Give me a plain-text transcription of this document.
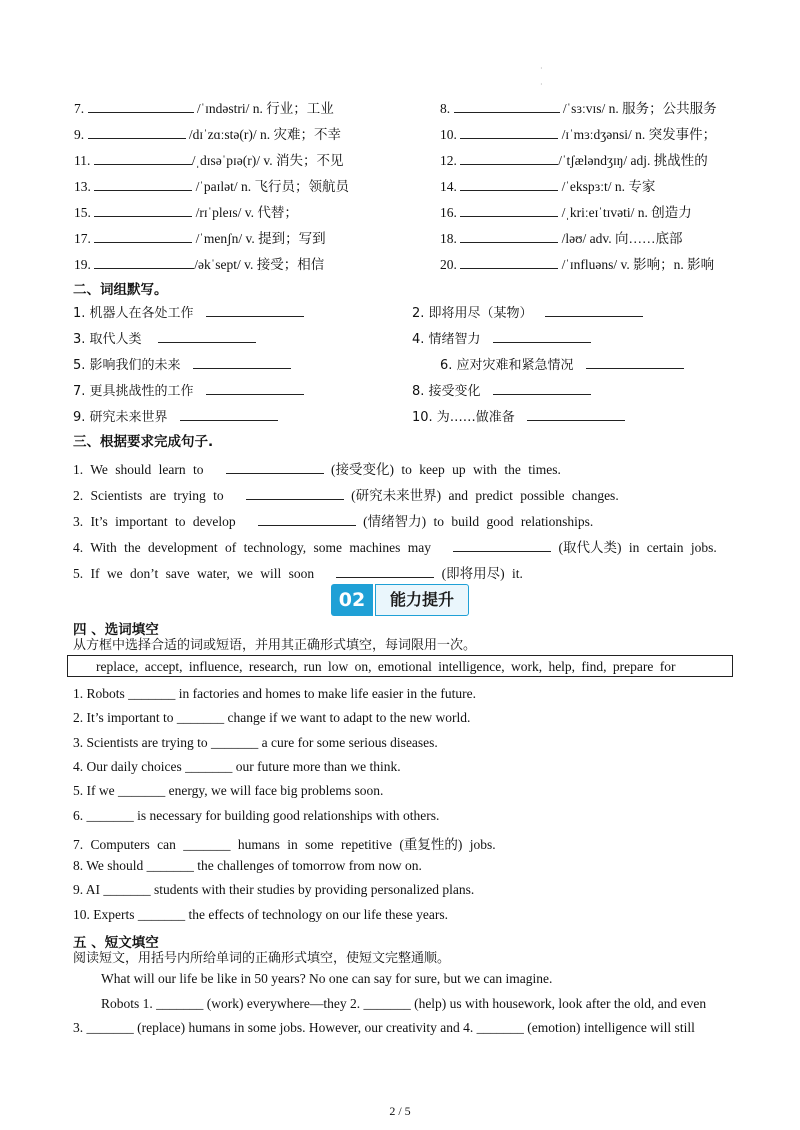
·
·
7.	/ˈɪndəstri/ n. 行业；工业	8.	/ˈsɜːvɪs/ n. 服务；公共服务
9.	/dɪˈzɑːstə(r)/ n. 灾难；不幸	10.	/ɪˈmɜːdʒənsi/ n. 突发事件；
11.	/ˌdɪsəˈpɪə(r)/ v. 消失；不见	12.	/ˈtʃæləndʒɪŋ/ adj. 挑战性的
13.	/ˈpaɪlət/ n. 飞行员；领航员	14.	/ˈekspɜːt/ n. 专家
15.	/rɪˈpleɪs/ v. 代替；	16.	/ˌkriːeɪˈtɪvəti/ n. 创造力
17.	/ˈmenʃn/ v. 提到；写到	18.	/ləʊ/ adv. 向……底部
19.	/əkˈsept/ v. 接受；相信	20.	/ˈɪnfluəns/ v. 影响；n. 影响
二、词组默写。
1. 机器人在各处工作	2. 即将用尽（某物）
3. 取代人类	4. 情绪智力
5. 影响我们的未来	6. 应对灾难和紧急情况
7. 更具挑战性的工作	8. 接受变化
9. 研究未来世界	10. 为……做准备
三、根据要求完成句子.
1. We should learn to	(接受变化) to keep up with the times.
2. Scientists are trying to	(研究未来世界) and predict possible changes.
3. It’s important to develop	(情绪智力) to build good relationships.
4. With the development of technology, some machines may	(取代人类) in certain jobs.
5. If we don’t save water, we will soon	(即将用尽) it.
02	能力提升
四 、选词填空
从方框中选择合适的词或短语，并用其正确形式填空，每词限用一次。
replace, accept, influence, research, run low on, emotional intelligence, work, help, find, prepare for
1. Robots _______ in factories and homes to make life easier in the future.
2. It’s important to _______ change if we want to adapt to the new world.
3. Scientists are trying to _______ a cure for some serious diseases.
4. Our daily choices _______ our future more than we think.
5. If we _______ energy, we will face big problems soon.
6. _______ is necessary for building good relationships with others.
7. Computers can _______ humans in some repetitive (重复性的) jobs.
8. We should _______ the challenges of tomorrow from now on.
9. AI _______ students with their studies by providing personalized plans.
10. Experts _______ the effects of technology on our life these years.
五 、短文填空
阅读短文，用括号内所给单词的正确形式填空，使短文完整通顺。
What will our life be like in 50 years? No one can say for sure, but we can imagine.
Robots 1. _______ (work) everywhere—they 2. _______ (help) us with housework, look after the old, and even
3. _______ (replace) humans in some jobs. However, our creativity and 4. _______ (emotion) intelligence will still
2 / 5
